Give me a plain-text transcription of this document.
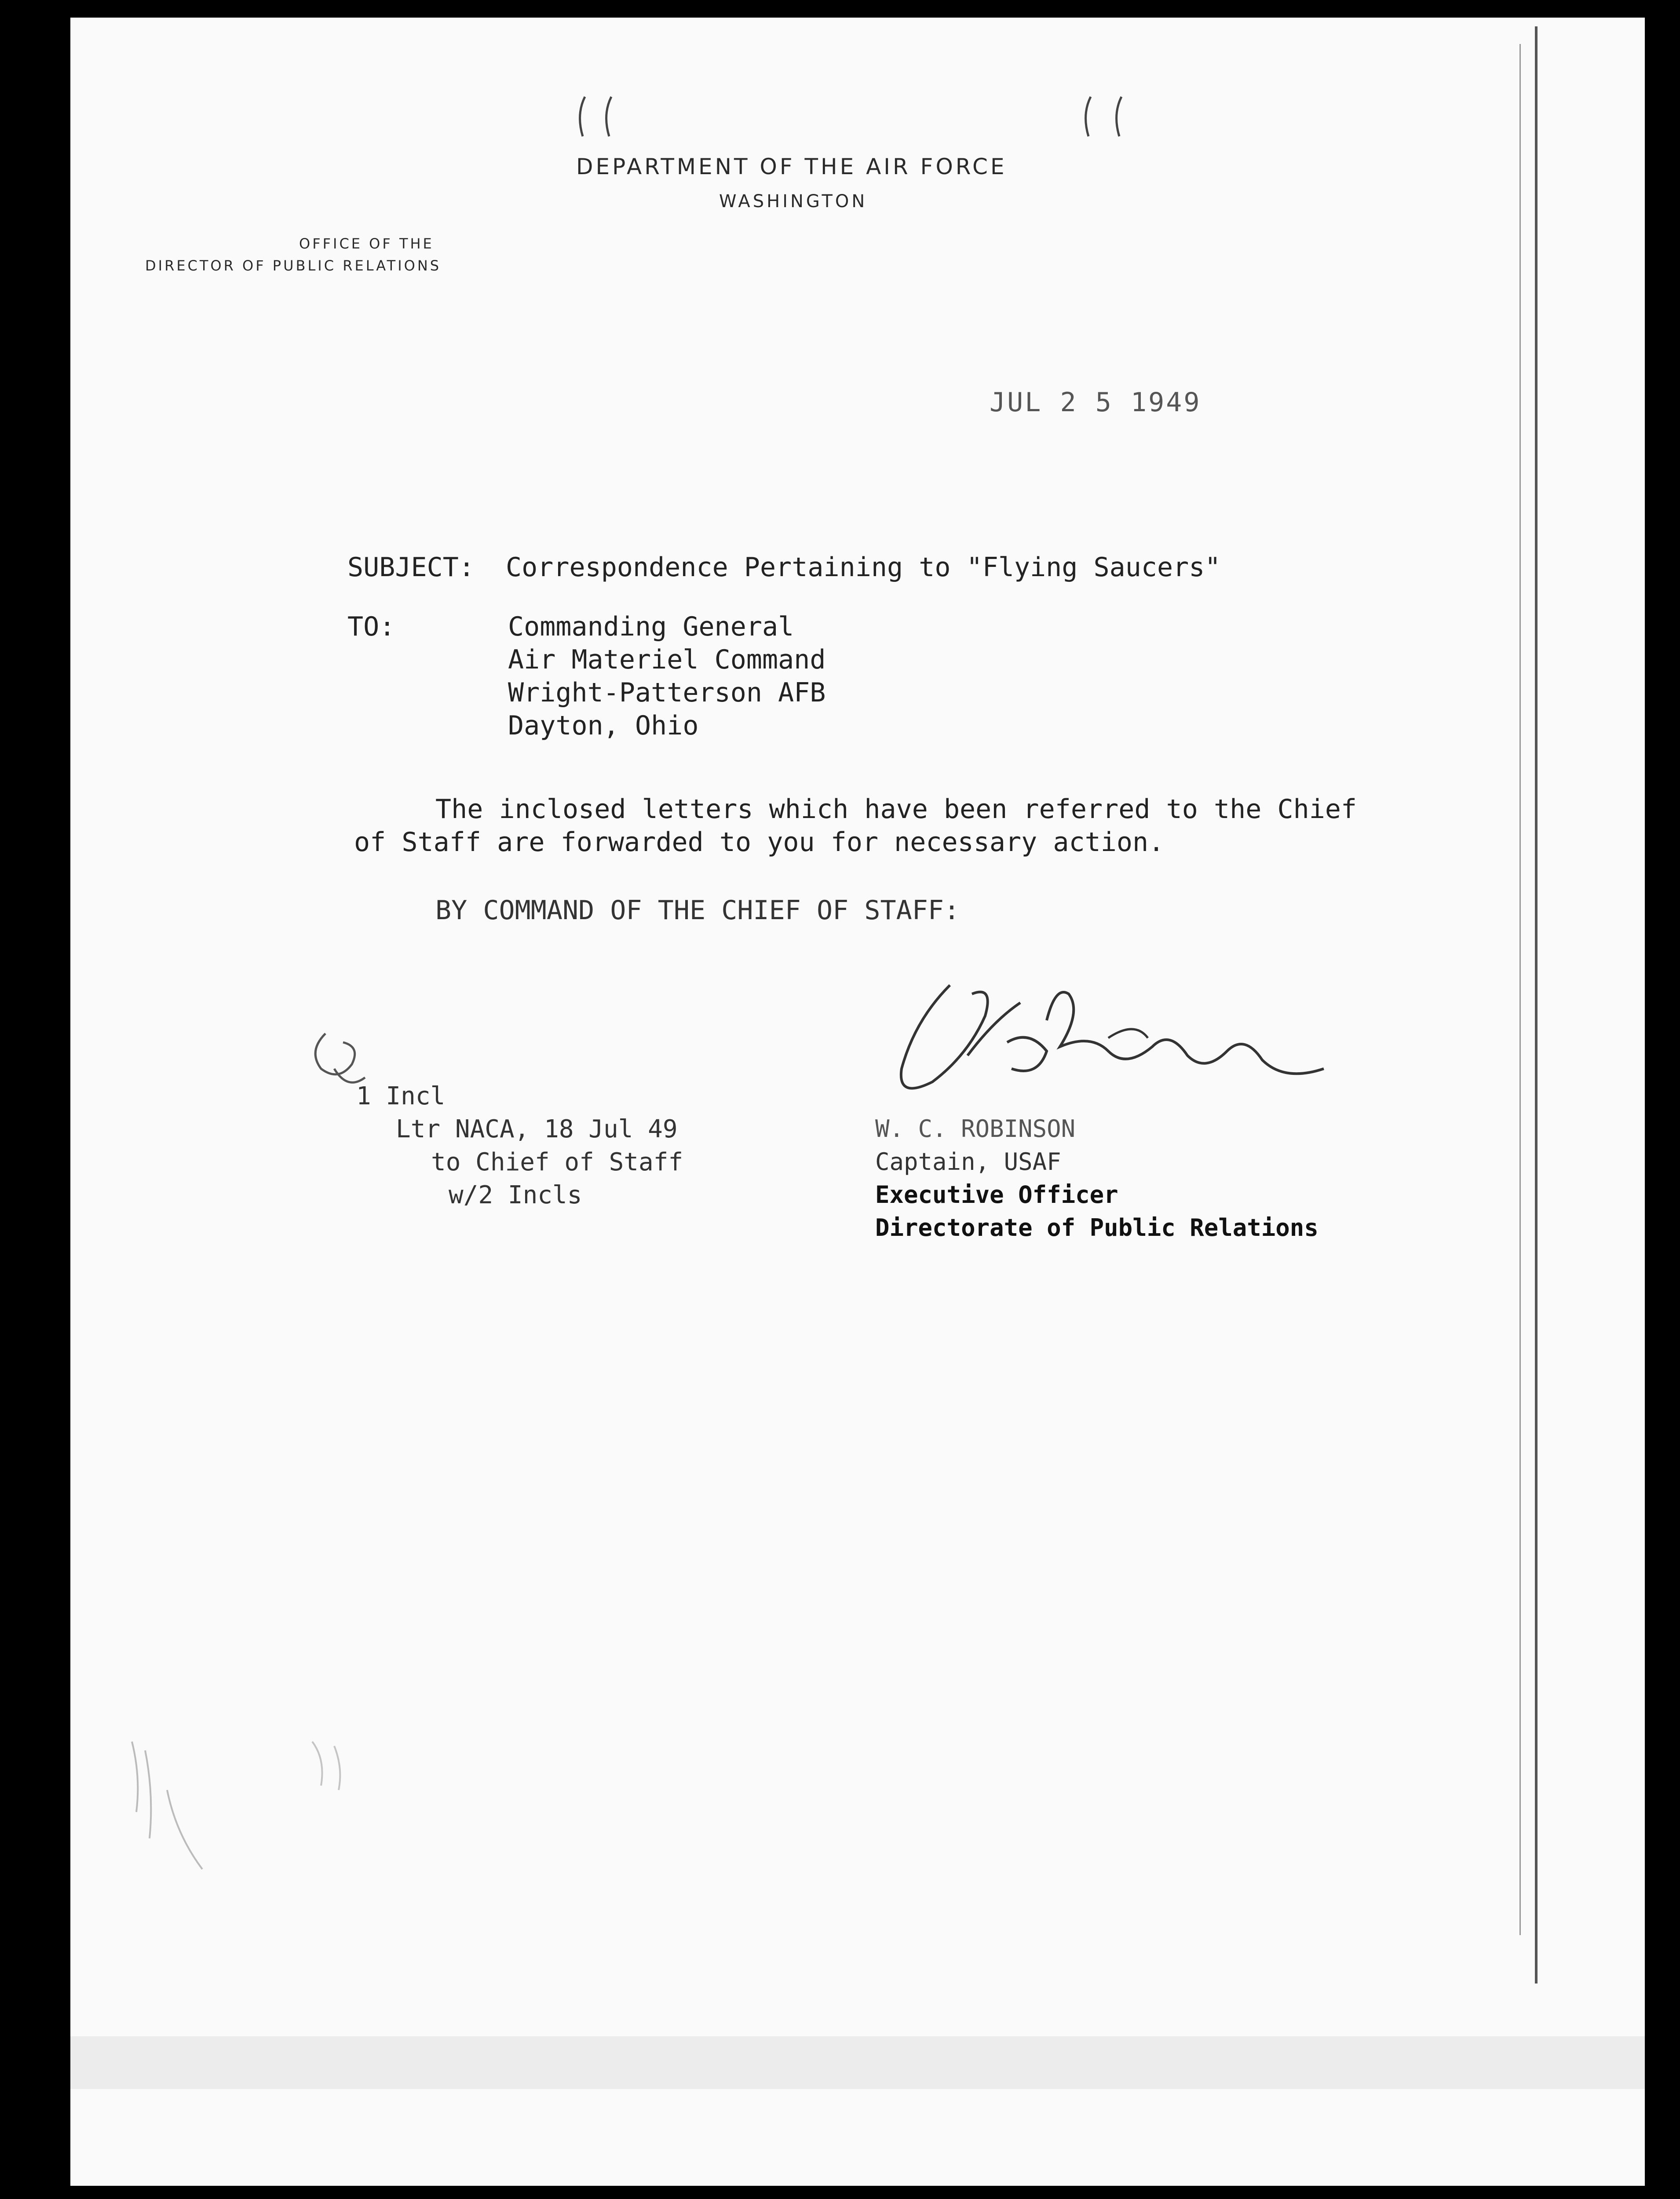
DEPARTMENT OF THE AIR FORCE
WASHINGTON
OFFICE OF THE
DIRECTOR OF PUBLIC RELATIONS
JUL 2 5 1949
SUBJECT: Correspondence Pertaining to "Flying Saucers"
TO:	Commanding General
Air Materiel Command
Wright-Patterson AFB
Dayton, Ohio
The inclosed letters which have been referred to the Chief
of Staff are forwarded to you for necessary action.
BY COMMAND OF THE CHIEF OF STAFF:
1 Incl
Ltr NACA, 18 Jul 49
to Chief of Staff
w/2 Incls
W. C. ROBINSON
Captain, USAF
Executive Officer
Directorate of Public Relations
